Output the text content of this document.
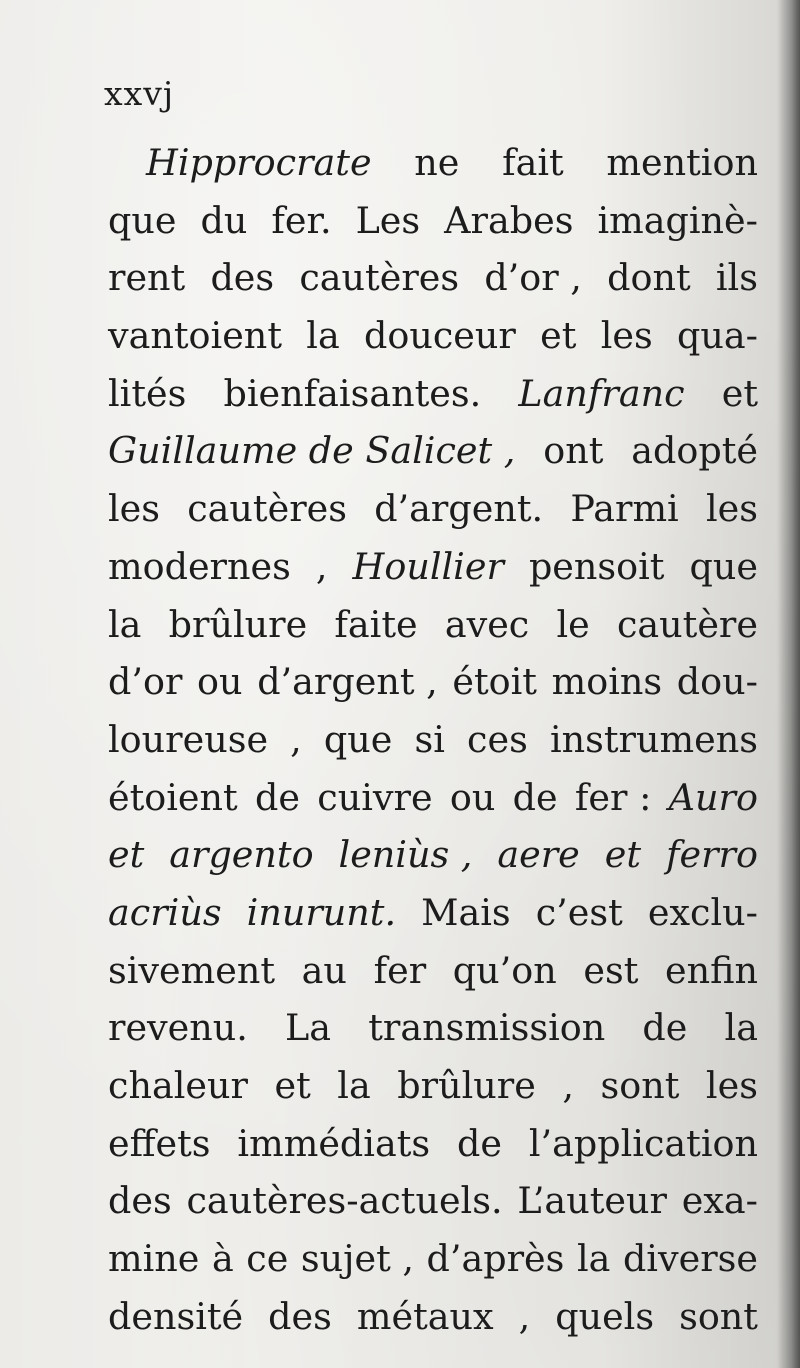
xxvj
Hipprocrate ne fait mention
que du fer. Les Arabes imaginè-
rent des cautères d’or , dont ils
vantoient la douceur et les qua-
lités bienfaisantes. Lanfranc et
Guillaume de Salicet , ont adopté
les cautères d’argent. Parmi les
modernes , Houllier pensoit que
la brûlure faite avec le cautère
d’or ou d’argent , étoit moins dou-
loureuse , que si ces instrumens
étoient de cuivre ou de fer : Auro
et argento leniùs , aere et ferro
acriùs inurunt. Mais c’est exclu-
sivement au fer qu’on est enfin
revenu. La transmission de la
chaleur et la brûlure , sont les
effets immédiats de l’application
des cautères-actuels. L’auteur exa-
mine à ce sujet , d’après la diverse
densité des métaux , quels sont
